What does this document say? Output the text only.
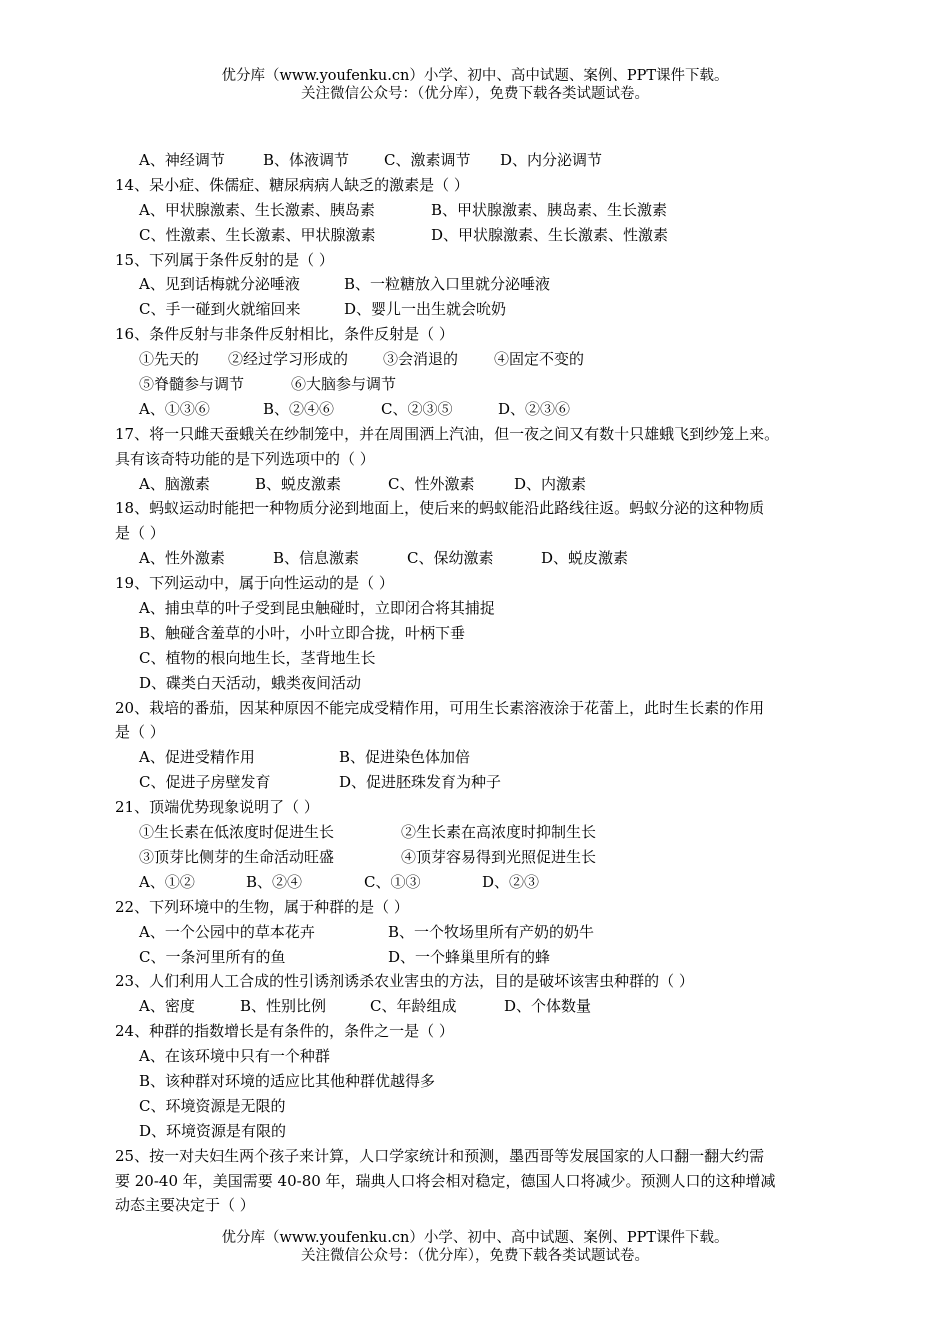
优分库（www.youfenku.cn）小学、初中、高中试题、案例、PPT课件下载。
关注微信公众号：（优分库），免费下载各类试题试卷。
A、神经调节	B、体液调节	C、激素调节	D、内分泌调节
14、呆小症、侏儒症、糖尿病病人缺乏的激素是（ ）
A、甲状腺激素、生长激素、胰岛素	B、甲状腺激素、胰岛素、生长激素
C、性激素、生长激素、甲状腺激素	D、甲状腺激素、生长激素、性激素
15、下列属于条件反射的是（ ）
A、见到话梅就分泌唾液	B、一粒糖放入口里就分泌唾液
C、手一碰到火就缩回来	D、婴儿一出生就会吮奶
16、条件反射与非条件反射相比，条件反射是（ ）
①先天的	②经过学习形成的	③会消退的	④固定不变的
⑤脊髓参与调节	⑥大脑参与调节
A、①③⑥	B、②④⑥	C、②③⑤	D、②③⑥
17、将一只雌天蚕蛾关在纱制笼中，并在周围洒上汽油，但一夜之间又有数十只雄蛾飞到纱笼上来。
具有该奇特功能的是下列选项中的（ ）
A、脑激素	B、蜕皮激素	C、性外激素	D、内激素
18、蚂蚁运动时能把一种物质分泌到地面上，使后来的蚂蚁能沿此路线往返。蚂蚁分泌的这种物质
是（ ）
A、性外激素	B、信息激素	C、保幼激素	D、蜕皮激素
19、下列运动中，属于向性运动的是（ ）
A、捕虫草的叶子受到昆虫触碰时，立即闭合将其捕捉
B、触碰含羞草的小叶，小叶立即合拢，叶柄下垂
C、植物的根向地生长，茎背地生长
D、碟类白天活动，蛾类夜间活动
20、栽培的番茄，因某种原因不能完成受精作用，可用生长素溶液涂于花蕾上，此时生长素的作用
是（ ）
A、促进受精作用	B、促进染色体加倍
C、促进子房壁发育	D、促进胚珠发育为种子
21、顶端优势现象说明了（ ）
①生长素在低浓度时促进生长	②生长素在高浓度时抑制生长
③顶芽比侧芽的生命活动旺盛	④顶芽容易得到光照促进生长
A、①②	B、②④	C、①③	D、②③
22、下列环境中的生物，属于种群的是（ ）
A、一个公园中的草本花卉	B、一个牧场里所有产奶的奶牛
C、一条河里所有的鱼	D、一个蜂巢里所有的蜂
23、人们利用人工合成的性引诱剂诱杀农业害虫的方法，目的是破坏该害虫种群的（ ）
A、密度	B、性别比例	C、年龄组成	D、个体数量
24、种群的指数增长是有条件的，条件之一是（ ）
A、在该环境中只有一个种群
B、该种群对环境的适应比其他种群优越得多
C、环境资源是无限的
D、环境资源是有限的
25、按一对夫妇生两个孩子来计算，人口学家统计和预测，墨西哥等发展国家的人口翻一翻大约需
要 20-40 年，美国需要 40-80 年，瑞典人口将会相对稳定，德国人口将减少。预测人口的这种增减
动态主要决定于（ ）
优分库（www.youfenku.cn）小学、初中、高中试题、案例、PPT课件下载。
关注微信公众号：（优分库），免费下载各类试题试卷。
